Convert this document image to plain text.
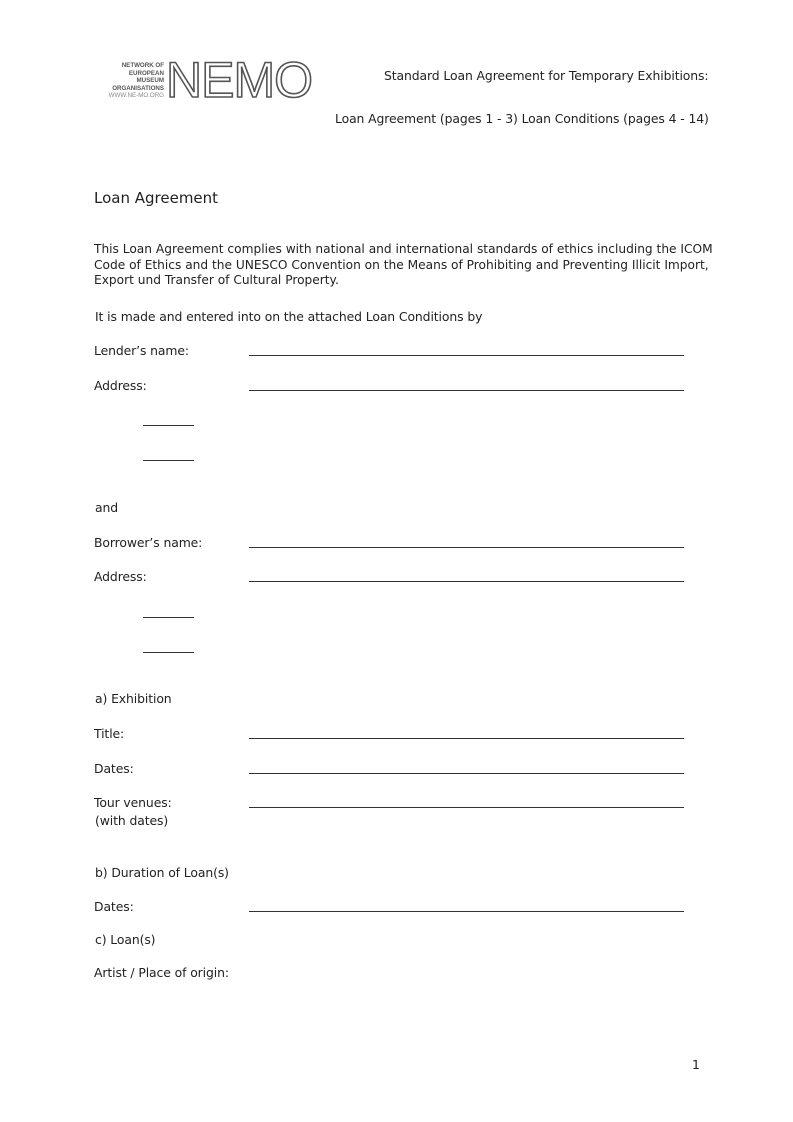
NETWORK OF
EUROPEAN
MUSEUM
ORGANISATIONS
WWW.NE-MO.ORG NEMO	Standard Loan Agreement for Temporary Exhibitions:
Loan Agreement (pages 1 - 3) Loan Conditions (pages 4 - 14)
Loan Agreement
This Loan Agreement complies with national and international standards of ethics including the ICOM Code of Ethics and the UNESCO Convention on the Means of Prohibiting and Preventing Illicit Import, Export und Transfer of Cultural Property.
It is made and entered into on the attached Loan Conditions by
Lender’s name:
Address:
and
Borrower’s name:
Address:
a) Exhibition
Title:
Dates:
Tour venues:
(with dates)
b) Duration of Loan(s)
Dates:
c) Loan(s)
Artist / Place of origin:
1
